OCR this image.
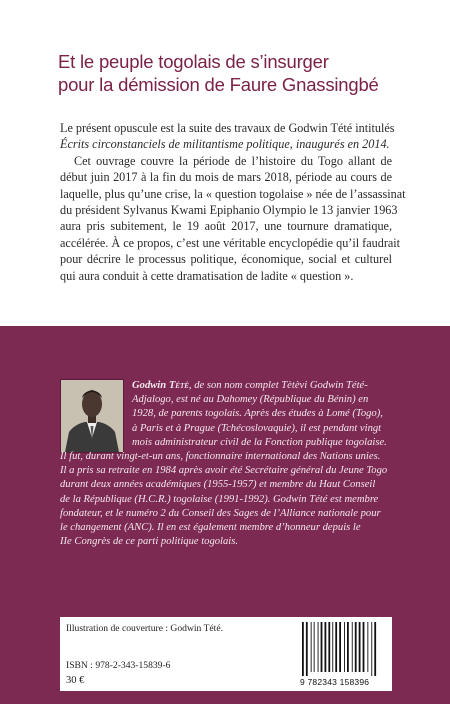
Et le peuple togolais de s’insurger
pour la démission de Faure Gnassingbé

Le présent opuscule est la suite des travaux de Godwin Tété intitulés
Écrits circonstanciels de militantisme politique, inaugurés en 2014.

Cet ouvrage couvre la période de l’histoire du Togo allant de

début juin 2017 à la fin du mois de mars 2018, période au cours de
laquelle, plus qu’une crise, la « question togolaise » née de l’assassinat
du président Sylvanus Kwami Epiphanio Olympio le 13 janvier 1963
aura pris subitement, le 19 août 2017, une tournure dramatique,
accélérée. À ce propos, c’est une véritable encyclopédie qu’il faudrait
pour décrire le processus politique, économique, social et culturel
qui aura conduit à cette dramatisation de ladite « question ».

Godwin Tété, de son nom complet Tètèvi Godwin Tété-
Adjalogo, est né au Dahomey (République du Bénin) en
1928, de parents togolais. Après des études à Lomé (Togo),
à Paris et à Prague (Tchécoslovaquie), il est pendant vingt
mois administrateur civil de la Fonction publique togolaise.
Il fut, durant vingt-et-un ans, fonctionnaire international des Nations unies.
Il a pris sa retraite en 1984 après avoir été Secrétaire général du Jeune Togo
durant deux années académiques (1955-1957) et membre du Haut Conseil
de la République (H.C.R.) togolaise (1991-1992). Godwin Tété est membre
fondateur, et le numéro 2 du Conseil des Sages de l’Alliance nationale pour
le changement (ANC). Il en est également membre d’honneur depuis le
IIe Congrès de ce parti politique togolais.
Illustration de couverture : Godwin Tété.
ISBN : 978-2-343-15839-6
30 €	9 782343 158396
